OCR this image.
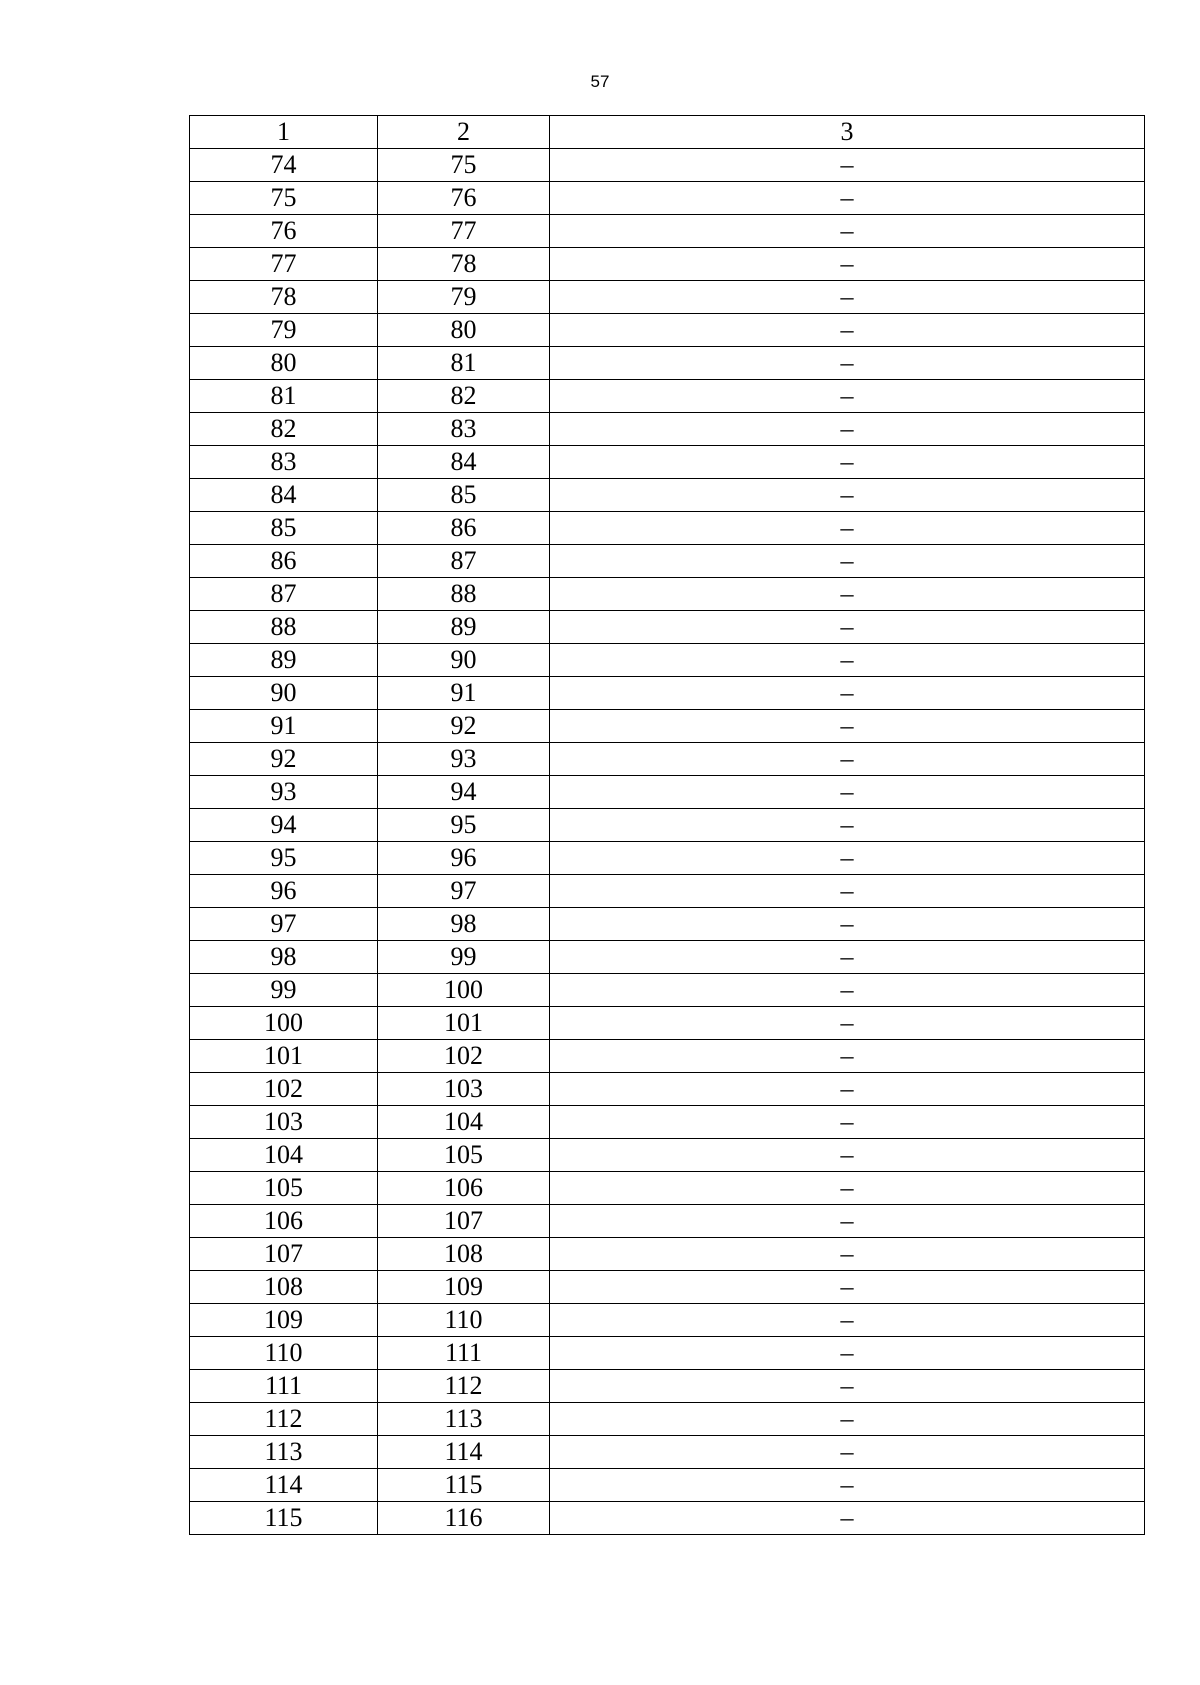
57
1	2	3
74	75	–
75	76	–
76	77	–
77	78	–
78	79	–
79	80	–
80	81	–
81	82	–
82	83	–
83	84	–
84	85	–
85	86	–
86	87	–
87	88	–
88	89	–
89	90	–
90	91	–
91	92	–
92	93	–
93	94	–
94	95	–
95	96	–
96	97	–
97	98	–
98	99	–
99	100	–
100	101	–
101	102	–
102	103	–
103	104	–
104	105	–
105	106	–
106	107	–
107	108	–
108	109	–
109	110	–
110	111	–
111	112	–
112	113	–
113	114	–
114	115	–
115	116	–
